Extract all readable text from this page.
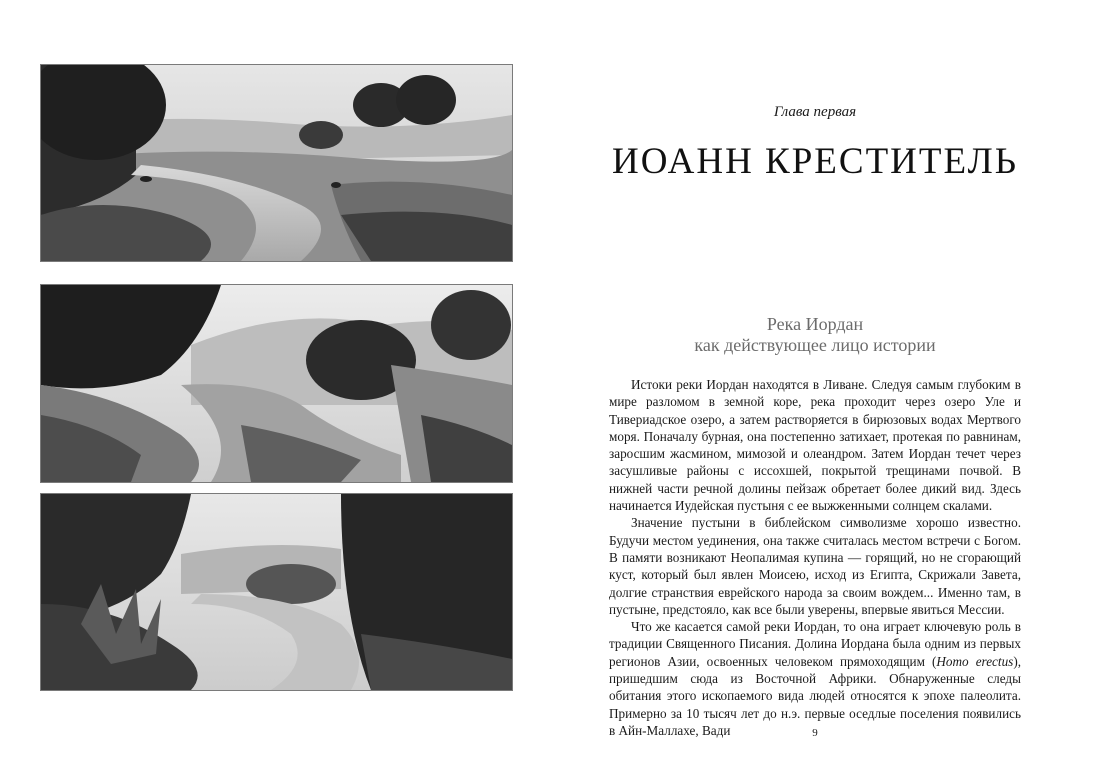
Глава первая
ИОАНН КРЕСТИТЕЛЬ
Река Иордан
как действующее лицо истории

Истоки реки Иордан находятся в Ливане. Следуя самым глубоким в мире разломом в земной коре, река проходит через озеро Уле и Тивериадское озеро, а затем растворяется в бирюзовых водах Мертвого моря. Поначалу бурная, она постепенно затихает, протекая по равнинам, заросшим жасмином, мимозой и олеандром. Затем Иордан течет через засушливые районы с иссохшей, покрытой трещинами почвой. В нижней части речной долины пейзаж обретает более дикий вид. Здесь начинается Иудейская пустыня с ее выжженными солнцем скалами.

Значение пустыни в библейском символизме хорошо известно. Будучи местом уединения, она также считалась местом встречи с Богом. В памяти возникают Неопалимая купина — горящий, но не сгорающий куст, который был явлен Моисею, исход из Египта, Скрижали Завета, долгие странствия еврейского народа за своим вождем... Именно там, в пустыне, предстояло, как все были уверены, впервые явиться Мессии.

Что же касается самой реки Иордан, то она играет ключевую роль в традиции Священного Писания. Долина Иордана была одним из первых регионов Азии, освоенных человеком прямоходящим (Homo erectus), пришедшим сюда из Восточной Африки. Обнаруженные следы обитания этого ископаемого вида людей относятся к эпохе палеолита. Примерно за 10 тысяч лет до н.э. первые оседлые поселения появились в Айн-Маллахе, Вади	9
